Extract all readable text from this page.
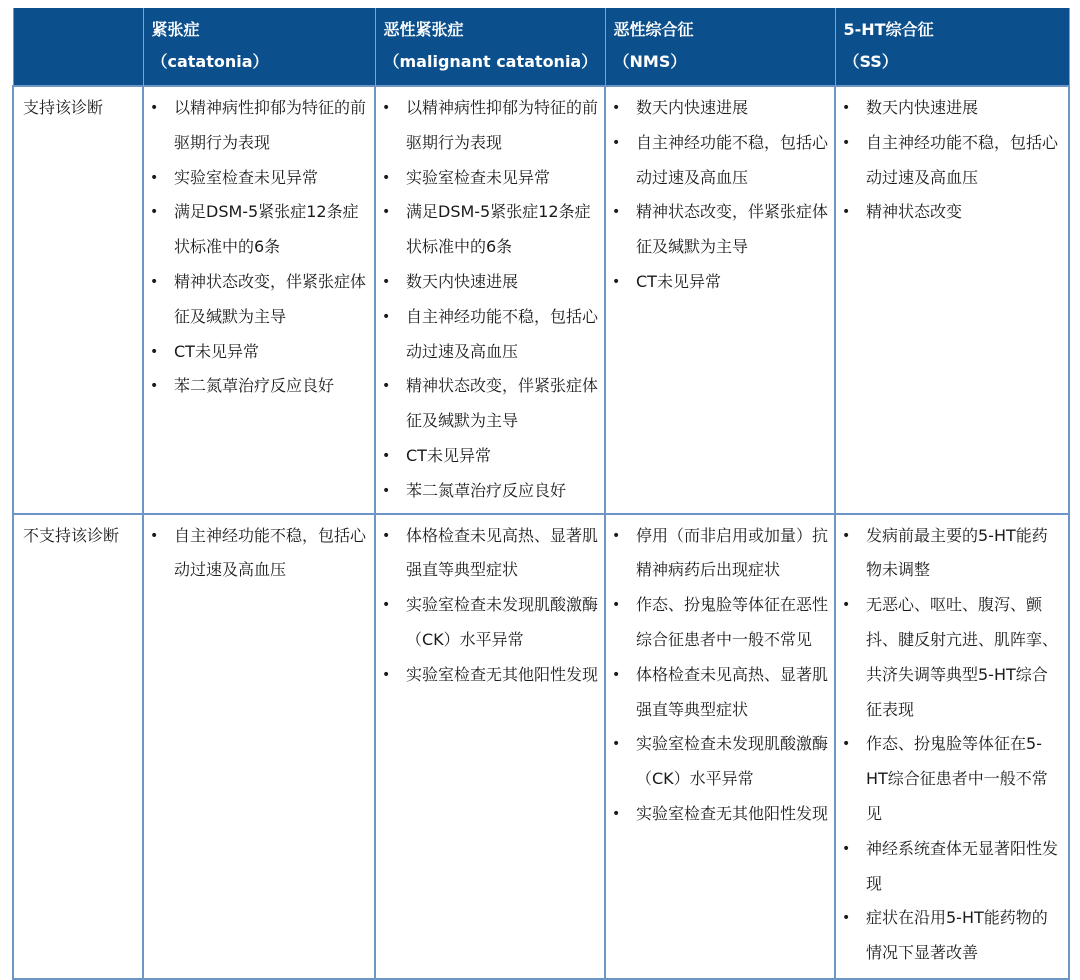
紧张症
（catatonia）

恶性紧张症
（malignant catatonia）

恶性综合征
（NMS）

5-HT综合征
（SS）

支持该诊断	
•以精神病性抑郁为特征的前驱期行为表现
• 实验室检查未见异常
• 满足DSM-5紧张症12条症状标准中的6条
• 精神状态改变，伴紧张症体征及缄默为主导
• CT未见异常
• 苯二氮䓬治疗反应良好

• 以精神病性抑郁为特征的前驱期行为表现
• 实验室检查未见异常
• 满足DSM-5紧张症12条症状标准中的6条
• 数天内快速进展
• 自主神经功能不稳，包括心动过速及高血压
• 精神状态改变，伴紧张症体征及缄默为主导
• CT未见异常
• 苯二氮䓬治疗反应良好

• 数天内快速进展
• 自主神经功能不稳，包括心动过速及高血压
• 精神状态改变，伴紧张症体征及缄默为主导
• CT未见异常

• 数天内快速进展
• 自主神经功能不稳，包括心动过速及高血压
• 精神状态改变

不支持该诊断	
•自主神经功能不稳，包括心动过速及高血压

• 体格检查未见高热、显著肌强直等典型症状
• 实验室检查未发现肌酸激酶（CK）水平异常
• 实验室检查无其他阳性发现

• 停用（而非启用或加量）抗精神病药后出现症状
• 作态、扮鬼脸等体征在恶性综合征患者中一般不常见
• 体格检查未见高热、显著肌强直等典型症状
• 实验室检查未发现肌酸激酶（CK）水平异常
• 实验室检查无其他阳性发现

• 发病前最主要的5-HT能药物未调整
• 无恶心、呕吐、腹泻、颤抖、腱反射亢进、肌阵挛、共济失调等典型5-HT综合征表现
• 作态、扮鬼脸等体征在5-HT综合征患者中一般不常见
• 神经系统查体无显著阳性发现
• 症状在沿用5-HT能药物的情况下显著改善
